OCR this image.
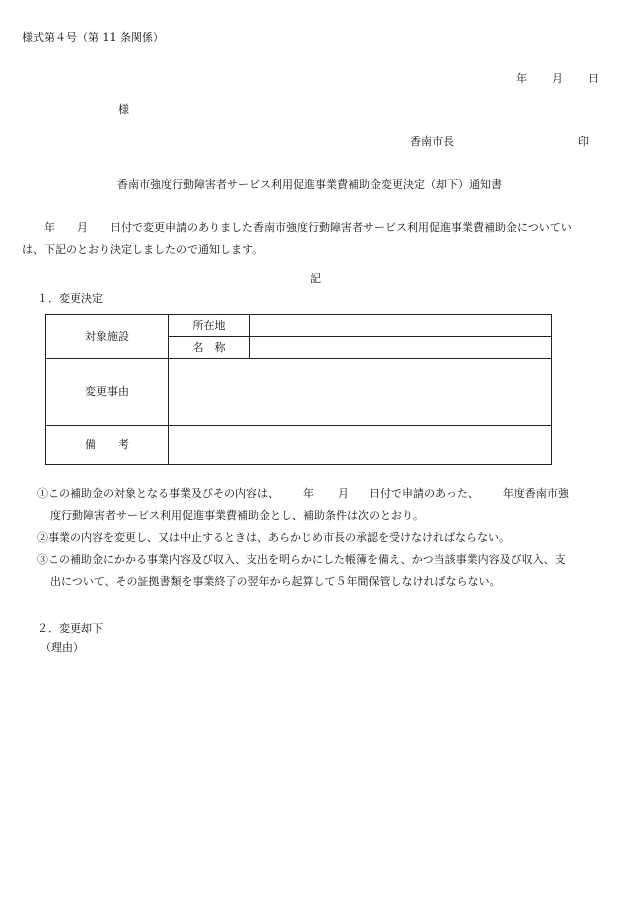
様式第４号（第 11 条関係）
年 月 日
様
香南市長	印
香南市強度行動障害者サービス利用促進事業費補助金変更決定（却下）通知書
年 月 日付で変更申請のありました香南市強度行動障害者サービス利用促進事業費補助金についてい
は、下記のとおり決定しましたので通知します。
記
１．変更決定
対象施設	所在地	
	名　称	
変更事由		
備　　考		
①この補助金の対象となる事業及びその内容は、 年 月 日付で申請のあった、 年度香南市強
度行動障害者サービス利用促進事業費補助金とし、補助条件は次のとおり。
②事業の内容を変更し、又は中止するときは、あらかじめ市長の承認を受けなければならない。
③この補助金にかかる事業内容及び収入、支出を明らかにした帳簿を備え、かつ当該事業内容及び収入、支
出について、その証拠書類を事業終了の翌年から起算して５年間保管しなければならない。
２．変更却下
（理由）
